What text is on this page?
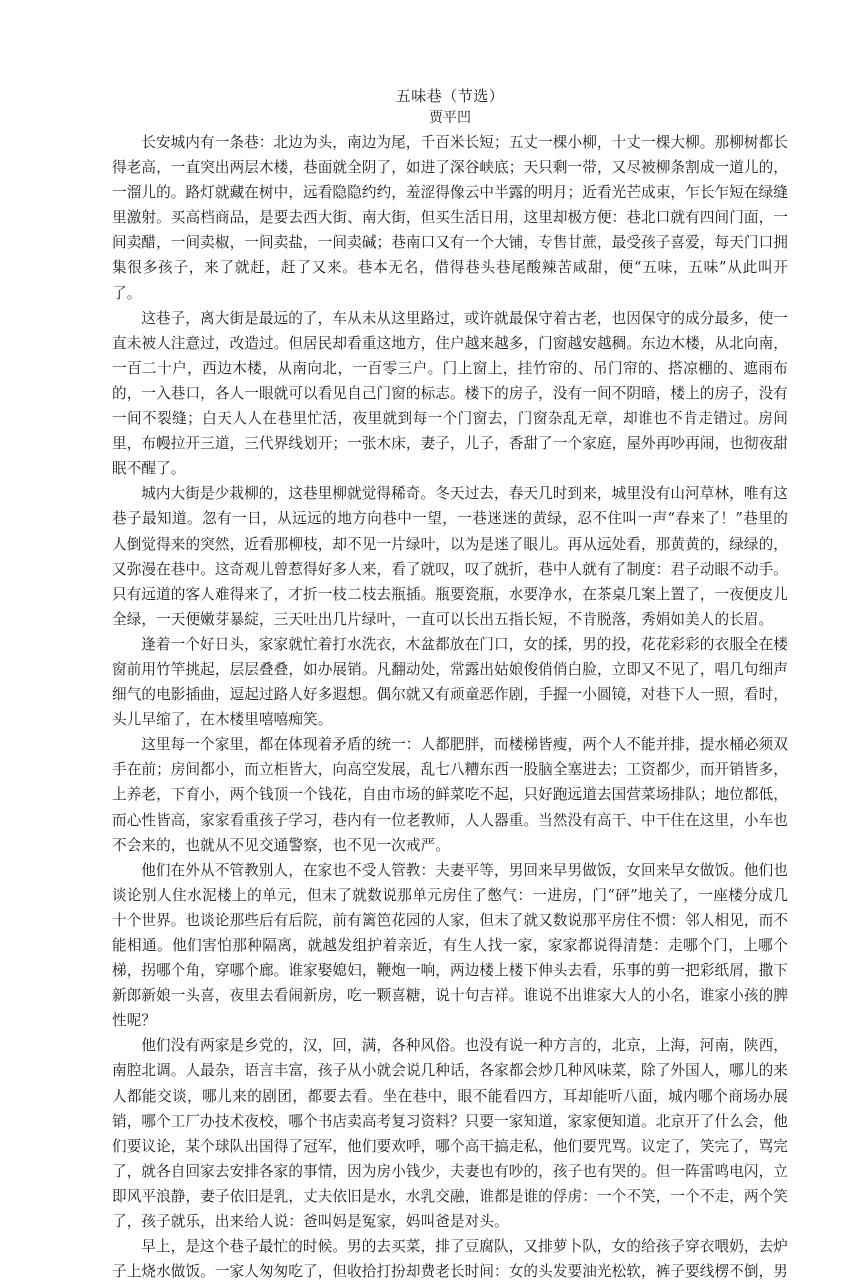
五味巷（节选）
贾平凹

长安城内有一条巷：北边为头，南边为尾，千百米长短；五丈一棵小柳，十丈一棵大柳。那柳树都长得老高，一直突出两层木楼，巷面就全阴了，如进了深谷峡底；天只剩一带，又尽被柳条割成一道儿的，一溜儿的。路灯就藏在树中，远看隐隐约约，羞涩得像云中半露的明月；近看光芒成束，乍长乍短在绿缝里激射。买高档商品，是要去西大街、南大街，但买生活日用，这里却极方便：巷北口就有四间门面，一间卖醋，一间卖椒，一间卖盐，一间卖碱；巷南口又有一个大铺，专售甘蔗，最受孩子喜爱，每天门口拥集很多孩子，来了就赶，赶了又来。巷本无名，借得巷头巷尾酸辣苦咸甜，便“五味，五味”从此叫开了。

这巷子，离大街是最远的了，车从未从这里路过，或许就最保守着古老，也因保守的成分最多，使一直未被人注意过，改造过。但居民却看重这地方，住户越来越多，门窗越安越稠。东边木楼，从北向南，一百二十户，西边木楼，从南向北，一百零三户。门上窗上，挂竹帘的、吊门帘的、搭凉棚的、遮雨布的，一入巷口，各人一眼就可以看见自己门窗的标志。楼下的房子，没有一间不阴暗，楼上的房子，没有一间不裂缝；白天人人在巷里忙活，夜里就到每一个门窗去，门窗杂乱无章，却谁也不肯走错过。房间里，布幔拉开三道，三代界线划开；一张木床，妻子，儿子，香甜了一个家庭，屋外再吵再闹，也彻夜甜眠不醒了。

城内大街是少栽柳的，这巷里柳就觉得稀奇。冬天过去，春天几时到来，城里没有山河草林，唯有这巷子最知道。忽有一日，从远远的地方向巷中一望，一巷迷迷的黄绿，忍不住叫一声“春来了！”巷里的人倒觉得来的突然，近看那柳枝，却不见一片绿叶，以为是迷了眼儿。再从远处看，那黄黄的，绿绿的，又弥漫在巷中。这奇观儿曾惹得好多人来，看了就叹，叹了就折，巷中人就有了制度：君子动眼不动手。只有远道的客人难得来了，才折一枝二枝去瓶插。瓶要瓷瓶，水要净水，在茶桌几案上置了，一夜便皮儿全绿，一天便嫩芽暴綻，三天吐出几片绿叶，一直可以长出五指长短，不肯脱落，秀娟如美人的长眉。

逢着一个好日头，家家就忙着打水洗衣，木盆都放在门口，女的揉，男的投，花花彩彩的衣服全在楼窗前用竹竿挑起，层层叠叠，如办展销。凡翻动处，常露出姑娘俊俏俏白脸，立即又不见了，唱几句细声细气的电影插曲，逗起过路人好多遐想。偶尔就又有顽童恶作剧，手握一小圆镜，对巷下人一照，看时，头儿早缩了，在木楼里嘻嘻痴笑。

这里每一个家里，都在体现着矛盾的统一：人都肥胖，而楼梯皆瘦，两个人不能并排，提水桶必须双手在前；房间都小，而立柜皆大，向高空发展，乱七八糟东西一股脑全塞进去；工资都少，而开销皆多，上养老，下育小，两个钱顶一个钱花，自由市场的鲜菜吃不起，只好跑远道去国营菜场排队；地位都低，而心性皆高，家家看重孩子学习，巷内有一位老教师，人人器重。当然没有高干、中干住在这里，小车也不会来的，也就从不见交通警察，也不见一次戒严。

他们在外从不管教别人，在家也不受人管教：夫妻平等，男回来早男做饭，女回来早女做饭。他们也谈论别人住水泥楼上的单元，但末了就数说那单元房住了憋气：一进房，门“砰”地关了，一座楼分成几十个世界。也谈论那些后有后院，前有篱笆花园的人家，但末了就又数说那平房住不惯：邻人相见，而不能相通。他们害怕那种隔离，就越发组护着亲近，有生人找一家，家家都说得清楚：走哪个门，上哪个梯，拐哪个角，穿哪个廊。谁家娶媳妇，鞭炮一响，两边楼上楼下伸头去看，乐事的剪一把彩纸屑，撒下新郎新娘一头喜，夜里去看闹新房，吃一颗喜糖，说十句吉祥。谁说不出谁家大人的小名，谁家小孩的脾性呢？

他们没有两家是乡党的，汉，回，满，各种风俗。也没有说一种方言的，北京，上海，河南，陕西，南腔北调。人最杂，语言丰富，孩子从小就会说几种话，各家都会炒几种风味菜，除了外国人，哪儿的来人都能交谈，哪儿来的剧团，都要去看。坐在巷中，眼不能看四方，耳却能听八面，城内哪个商场办展销，哪个工厂办技术夜校，哪个书店卖高考复习资料？只要一家知道，家家便知道。北京开了什么会，他们要议论，某个球队出国得了冠军，他们要欢呼，哪个高干搞走私，他们要咒骂。议定了，笑完了，骂完了，就各自回家去安排各家的事情，因为房小钱少，夫妻也有吵的，孩子也有哭的。但一阵雷鸣电闪，立即风平浪静，妻子依旧是乳，丈夫依旧是水，水乳交融，谁都是谁的俘虏：一个不笑，一个不走，两个笑了，孩子就乐，出来给人说：爸叫妈是冤家，妈叫爸是对头。

早上，是这个巷子最忙的时候。男的去买菜，排了豆腐队，又排萝卜队，女的给孩子穿衣喂奶，去炉子上烧水做饭。一家人匆匆吃了，但收拾打扮却费老长时间：女的头发要油光松软，裤子要线楞不倒，男
